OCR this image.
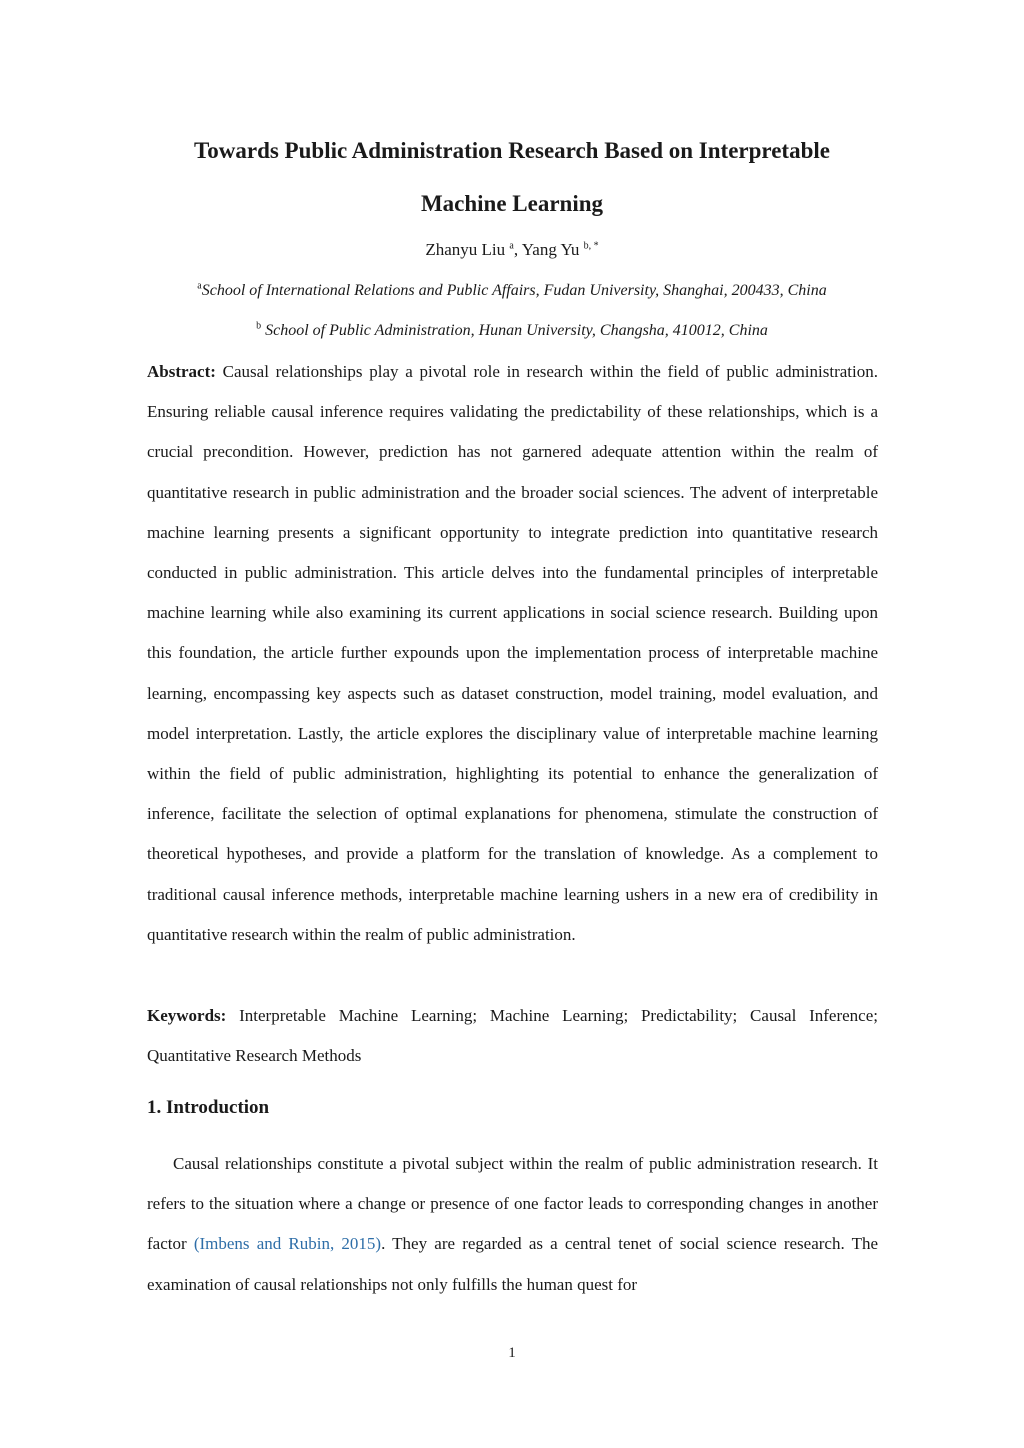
Towards Public Administration Research Based on Interpretable
Machine Learning
Zhanyu Liu $^a$, Yang Yu $^{b, *}$
$^a$School of International Relations and Public Affairs, Fudan University, Shanghai, 200433, China
$^b$ School of Public Administration, Hunan University, Changsha, 410012, China

Abstract: Causal relationships play a pivotal role in research within the field of public administration. Ensuring reliable causal inference requires validating the predictability of these relationships, which is a crucial precondition. However, prediction has not garnered adequate attention within the realm of quantitative research in public administration and the broader social sciences. The advent of interpretable machine learning presents a significant opportunity to integrate prediction into quantitative research conducted in public administration. This article delves into the fundamental principles of interpretable machine learning while also examining its current applications in social science research. Building upon this foundation, the article further expounds upon the implementation process of interpretable machine learning, encompassing key aspects such as dataset construction, model training, model evaluation, and model interpretation. Lastly, the article explores the disciplinary value of interpretable machine learning within the field of public administration, highlighting its potential to enhance the generalization of inference, facilitate the selection of optimal explanations for phenomena, stimulate the construction of theoretical hypotheses, and provide a platform for the translation of knowledge. As a complement to traditional causal inference methods, interpretable machine learning ushers in a new era of credibility in quantitative research within the realm of public administration.

Keywords: Interpretable Machine Learning; Machine Learning; Predictability; Causal Inference; Quantitative Research Methods

1. Introduction

Causal relationships constitute a pivotal subject within the realm of public administration research. It refers to the situation where a change or presence of one factor leads to corresponding changes in another factor (Imbens and Rubin, 2015). They are regarded as a central tenet of social science research. The examination of causal relationships not only fulfills the human quest for

1
